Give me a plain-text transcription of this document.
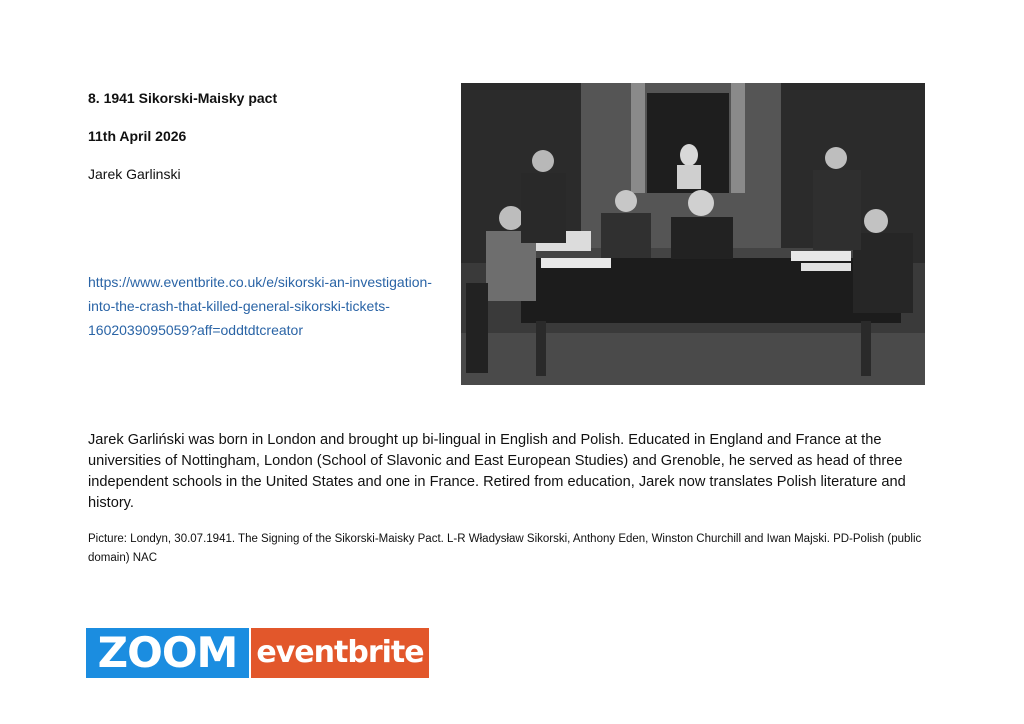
8. 1941 Sikorski-Maisky pact
11th April 2026
Jarek Garlinski
https://www.eventbrite.co.uk/e/sikorski-an-investigation-into-the-crash-that-killed-general-sikorski-tickets-1602039095059?aff=oddtdtcreator

Jarek Garliński was born in London and brought up bi-lingual in English and Polish. Educated in England and France at the universities of Nottingham, London (School of Slavonic and East European Studies) and Grenoble, he served as head of three independent schools in the United States and one in France. Retired from education, Jarek now translates Polish literature and history.

Picture: Londyn, 30.07.1941. The Signing of the Sikorski-Maisky Pact. L-R Władysław Sikorski, Anthony Eden, Winston Churchill and Iwan Majski. PD-Polish (public domain) NAC

ZOOM eventbrite
